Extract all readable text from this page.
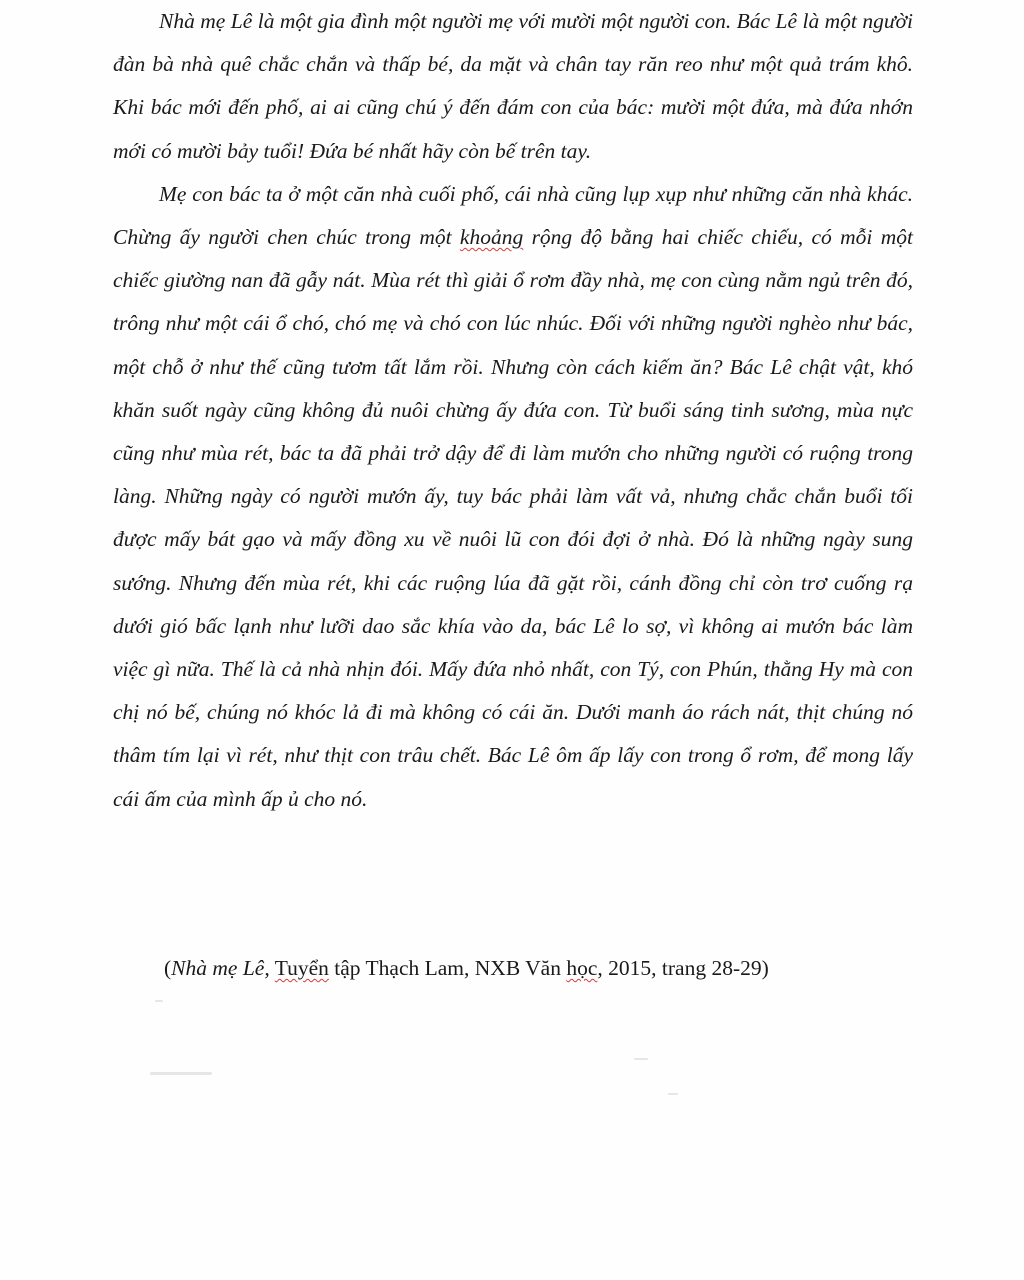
Nhà mẹ Lê là một gia đình một người mẹ với mười một người con. Bác Lê là một người đàn bà nhà quê chắc chắn và thấp bé, da mặt và chân tay răn reo như một quả trám khô. Khi bác mới đến phố, ai ai cũng chú ý đến đám con của bác: mười một đứa, mà đứa nhớn mới có mười bảy tuổi! Đứa bé nhất hãy còn bế trên tay.

Mẹ con bác ta ở một căn nhà cuối phố, cái nhà cũng lụp xụp như những căn nhà khác. Chừng ấy người chen chúc trong một khoảng rộng độ bằng hai chiếc chiếu, có mỗi một chiếc giường nan đã gẫy nát. Mùa rét thì giải ổ rơm đầy nhà, mẹ con cùng nằm ngủ trên đó, trông như một cái ổ chó, chó mẹ và chó con lúc nhúc. Đối với những người nghèo như bác, một chỗ ở như thế cũng tươm tất lắm rồi. Nhưng còn cách kiếm ăn? Bác Lê chật vật, khó khăn suốt ngày cũng không đủ nuôi chừng ấy đứa con. Từ buổi sáng tinh sương, mùa nực cũng như mùa rét, bác ta đã phải trở dậy để đi làm mướn cho những người có ruộng trong làng. Những ngày có người mướn ấy, tuy bác phải làm vất vả, nhưng chắc chắn buổi tối được mấy bát gạo và mấy đồng xu về nuôi lũ con đói đợi ở nhà. Đó là những ngày sung sướng. Nhưng đến mùa rét, khi các ruộng lúa đã gặt rồi, cánh đồng chỉ còn trơ cuống rạ dưới gió bấc lạnh như lưỡi dao sắc khía vào da, bác Lê lo sợ, vì không ai mướn bác làm việc gì nữa. Thế là cả nhà nhịn đói. Mấy đứa nhỏ nhất, con Tý, con Phún, thằng Hy mà con chị nó bế, chúng nó khóc lả đi mà không có cái ăn. Dưới manh áo rách nát, thịt chúng nó thâm tím lại vì rét, như thịt con trâu chết. Bác Lê ôm ấp lấy con trong ổ rơm, để mong lấy cái ấm của mình ấp ủ cho nó.

(Nhà mẹ Lê, Tuyển tập Thạch Lam, NXB Văn học, 2015, trang 28-29)
